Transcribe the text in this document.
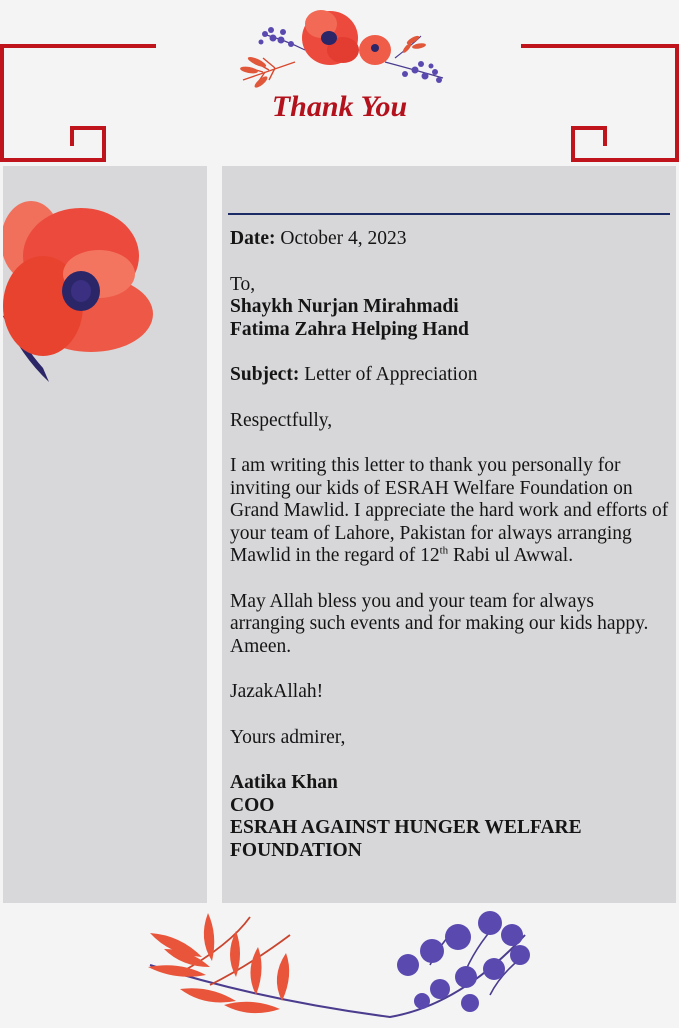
Thank You

Date: October 4, 2023

To,
Shaykh Nurjan Mirahmadi
Fatima Zahra Helping Hand

Subject: Letter of Appreciation

Respectfully,

I am writing this letter to thank you personally for inviting our kids of ESRAH Welfare Foundation on Grand Mawlid. I appreciate the hard work and efforts of your team of Lahore, Pakistan for always arranging Mawlid in the regard of 12th Rabi ul Awwal.

May Allah bless you and your team for always arranging such events and for making our kids happy. Ameen.

JazakAllah!

Yours admirer,

Aatika Khan
COO
ESRAH AGAINST HUNGER WELFARE
FOUNDATION
